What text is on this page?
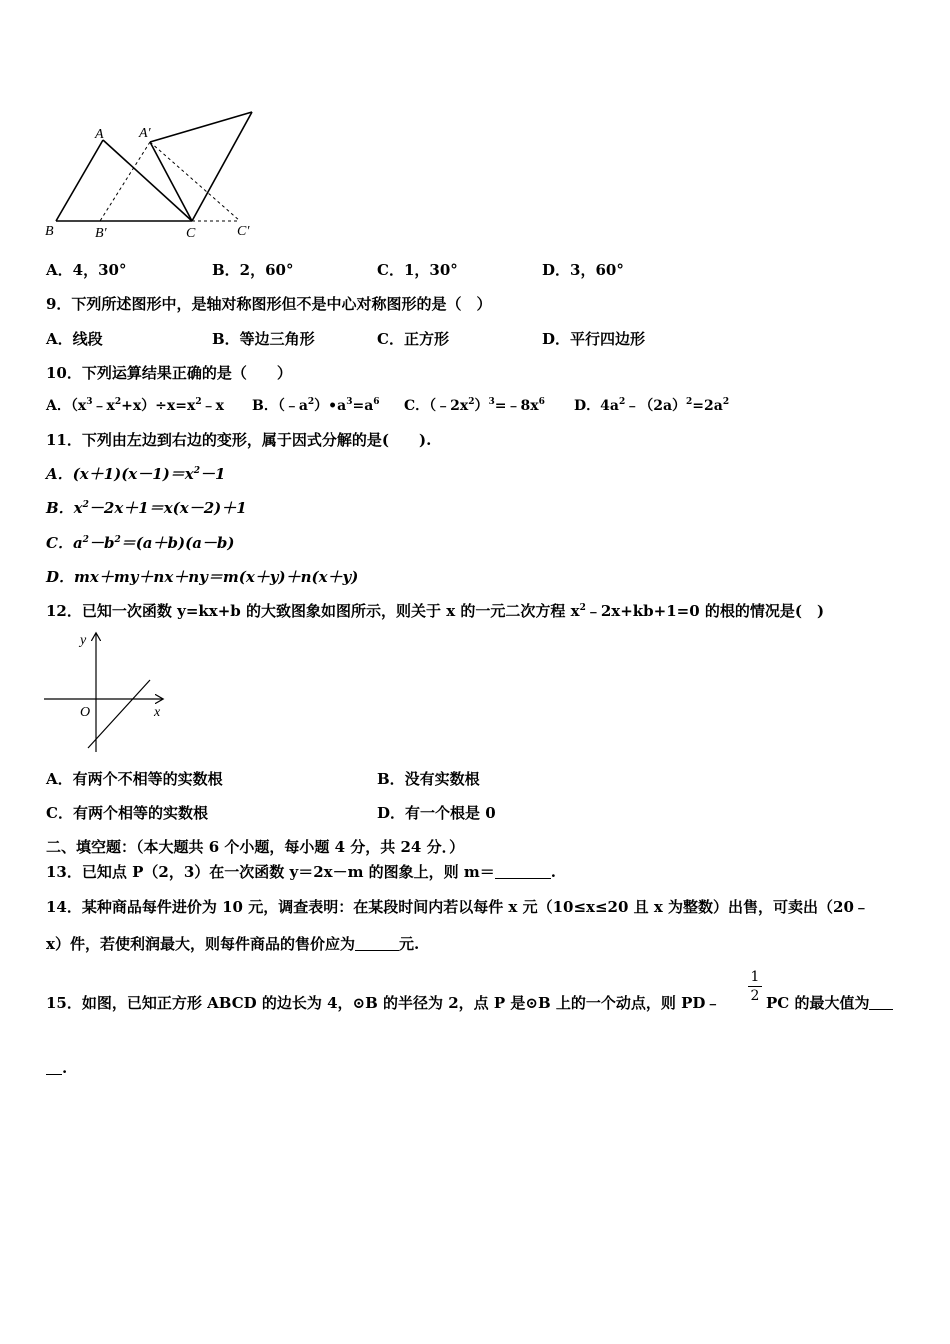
A	A′
B	B′	C	C′
A．4，30°	B．2，60°	C．1，30°	D．3，60°
9．下列所述图形中，是轴对称图形但不是中心对称图形的是（　）
A．线段	B．等边三角形	C．正方形	D．平行四边形
10．下列运算结果正确的是（　　）
A．$(x^3﹣x^2+x)\div x=x^2﹣x$ B．$(﹣a^2)•a^3=a^6$ C．$(﹣2x^2)^3=﹣8x^6$ D．$4a^2﹣(2a)^2=2a^2$
11．下列由左边到右边的变形，属于因式分解的是(　　).
A．$(x+1)(x-1)=x^2-1$
B．$x^2-2x+1=x(x-2)+1$
C．$a^2-b^2=(a+b)(a-b)$
D．mx＋my＋nx＋ny＝m(x＋y)＋n(x＋y)
12．已知一次函数 y=kx+b 的大致图象如图所示，则关于 x 的一元二次方程 $x^2﹣2x+kb+1=0$ 的根的情况是(　)
y
x
O
A．有两个不相等的实数根	B．没有实数根
C．有两个相等的实数根	D．有一个根是 0
二、填空题：（本大题共 6 个小题，每小题 4 分，共 24 分．）
13．已知点 P（2，3）在一次函数 y＝2x－m 的图象上，则 m＝	.
14．某种商品每件进价为 10 元，调查表明：在某段时间内若以每件 x 元（10≤x≤20 且 x 为整数）出售，可卖出（20﹣
x）件，若使利润最大，则每件商品的售价应为	元.
15．如图，已知正方形 ABCD 的边长为 4，⊙B 的半径为 2，点 P 是⊙B 上的一个动点，则 PD﹣ $\frac{1}{2}$ PC 的最大值为
.
